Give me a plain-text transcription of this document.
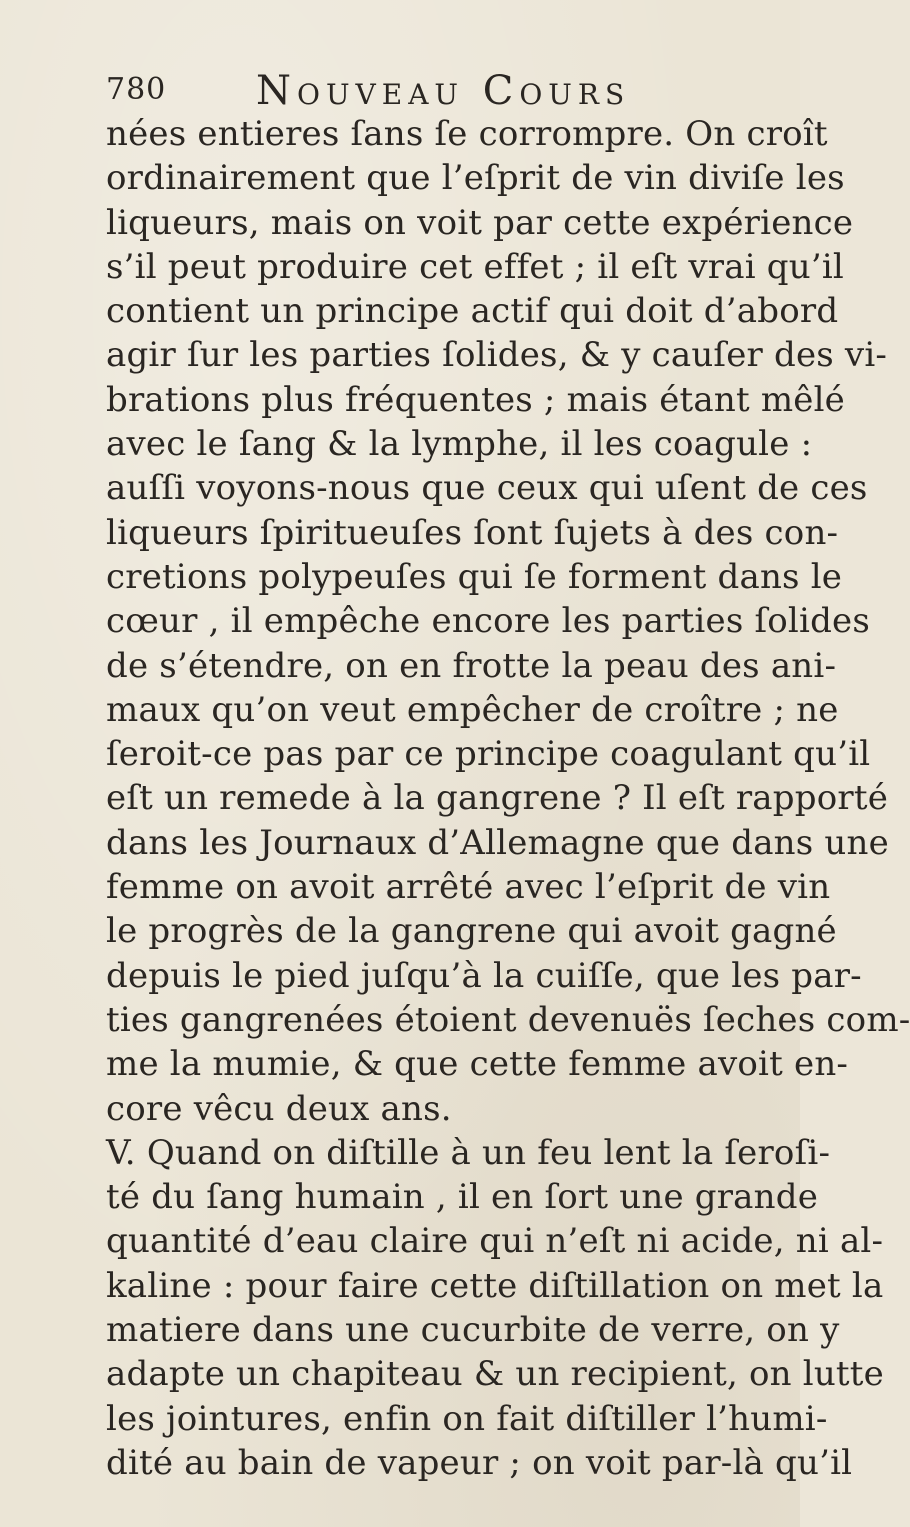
780 Nouveau Cours
nées entieres ſans ſe corrompre. On croît
ordinairement que l’eſprit de vin diviſe les
liqueurs, mais on voit par cette expérience
s’il peut produire cet effet ; il eſt vrai qu’il
contient un principe actif qui doit d’abord
agir ſur les parties ſolides, & y cauſer des vi-
brations plus fréquentes ; mais étant mêlé
avec le ſang & la lymphe, il les coagule :
auſſi voyons-nous que ceux qui uſent de ces
liqueurs ſpiritueuſes ſont ſujets à des con-
cretions polypeuſes qui ſe forment dans le
cœur , il empêche encore les parties ſolides
de s’étendre, on en frotte la peau des ani-
maux qu’on veut empêcher de croître ; ne
ſeroit-ce pas par ce principe coagulant qu’il
eſt un remede à la gangrene ? Il eſt rapporté
dans les Journaux d’Allemagne que dans une
femme on avoit arrêté avec l’eſprit de vin
le progrès de la gangrene qui avoit gagné
depuis le pied juſqu’à la cuiſſe, que les par-
ties gangrenées étoient devenuës ſeches com-
me la mumie, & que cette femme avoit en-
core vêcu deux ans.
V. Quand on diſtille à un feu lent la ſeroſi-
té du ſang humain , il en ſort une grande
quantité d’eau claire qui n’eſt ni acide, ni al-
kaline : pour faire cette diſtillation on met la
matiere dans une cucurbite de verre, on y
adapte un chapiteau & un recipient, on lutte
les jointures, enfin on fait diſtiller l’humi-
dité au bain de vapeur ; on voit par-là qu’il
